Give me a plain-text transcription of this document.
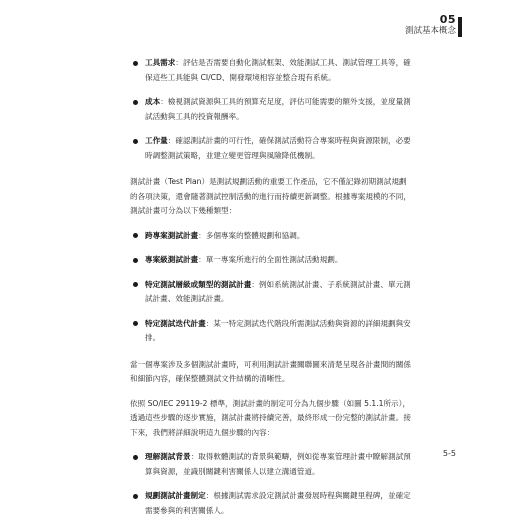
05
測試基本概念
工具需求：評估是否需要自動化測試框架、效能測試工具、測試管理工具等，確保這些工具能與 CI/CD、開發環境相容並整合現有系統。
成本：檢視測試資源與工具的預算充足度，評估可能需要的額外支援，並度量測試活動與工具的投資報酬率。
工作量：確認測試計畫的可行性，確保測試活動符合專案時程與資源限制，必要時調整測試策略，並建立變更管理與風險降低機制。

測試計畫（Test Plan）是測試規劃活動的重要工作產品，它不僅記錄初期測試規劃的各項決策，還會隨著測試控制活動的進行而持續更新調整。根據專案規模的不同，測試計畫可分為以下幾種類型：

跨專案測試計畫：多個專案的整體規劃和協調。
專案級測試計畫：單一專案所進行的全面性測試活動規劃。
特定測試層級或類型的測試計畫：例如系統測試計畫、子系統測試計畫、單元測試計畫、效能測試計畫。
特定測試迭代計畫：某一特定測試迭代階段所需測試活動與資源的詳細規劃與安排。

當一個專案涉及多個測試計畫時，可利用測試計畫關聯圖來清楚呈現各計畫間的關係和細節內容，確保整體測試文件結構的清晰性。

依照 SO/IEC 29119-2 標準，測試計畫的制定可分為九個步驟（如圖 5.1.1所示），透過這些步驟的逐步實施，測試計畫將持續完善，最終形成一份完整的測試計畫。接下來，我們將詳細說明這九個步驟的內容：

理解測試背景：取得軟體測試的背景與範疇，例如從專案管理計畫中瞭解測試預算與資源，並識別關鍵利害關係人以建立溝通管道。
規劃測試計畫制定：根據測試需求設定測試計畫發展時程與關鍵里程碑，並確定需要參與的利害關係人。
5-5
